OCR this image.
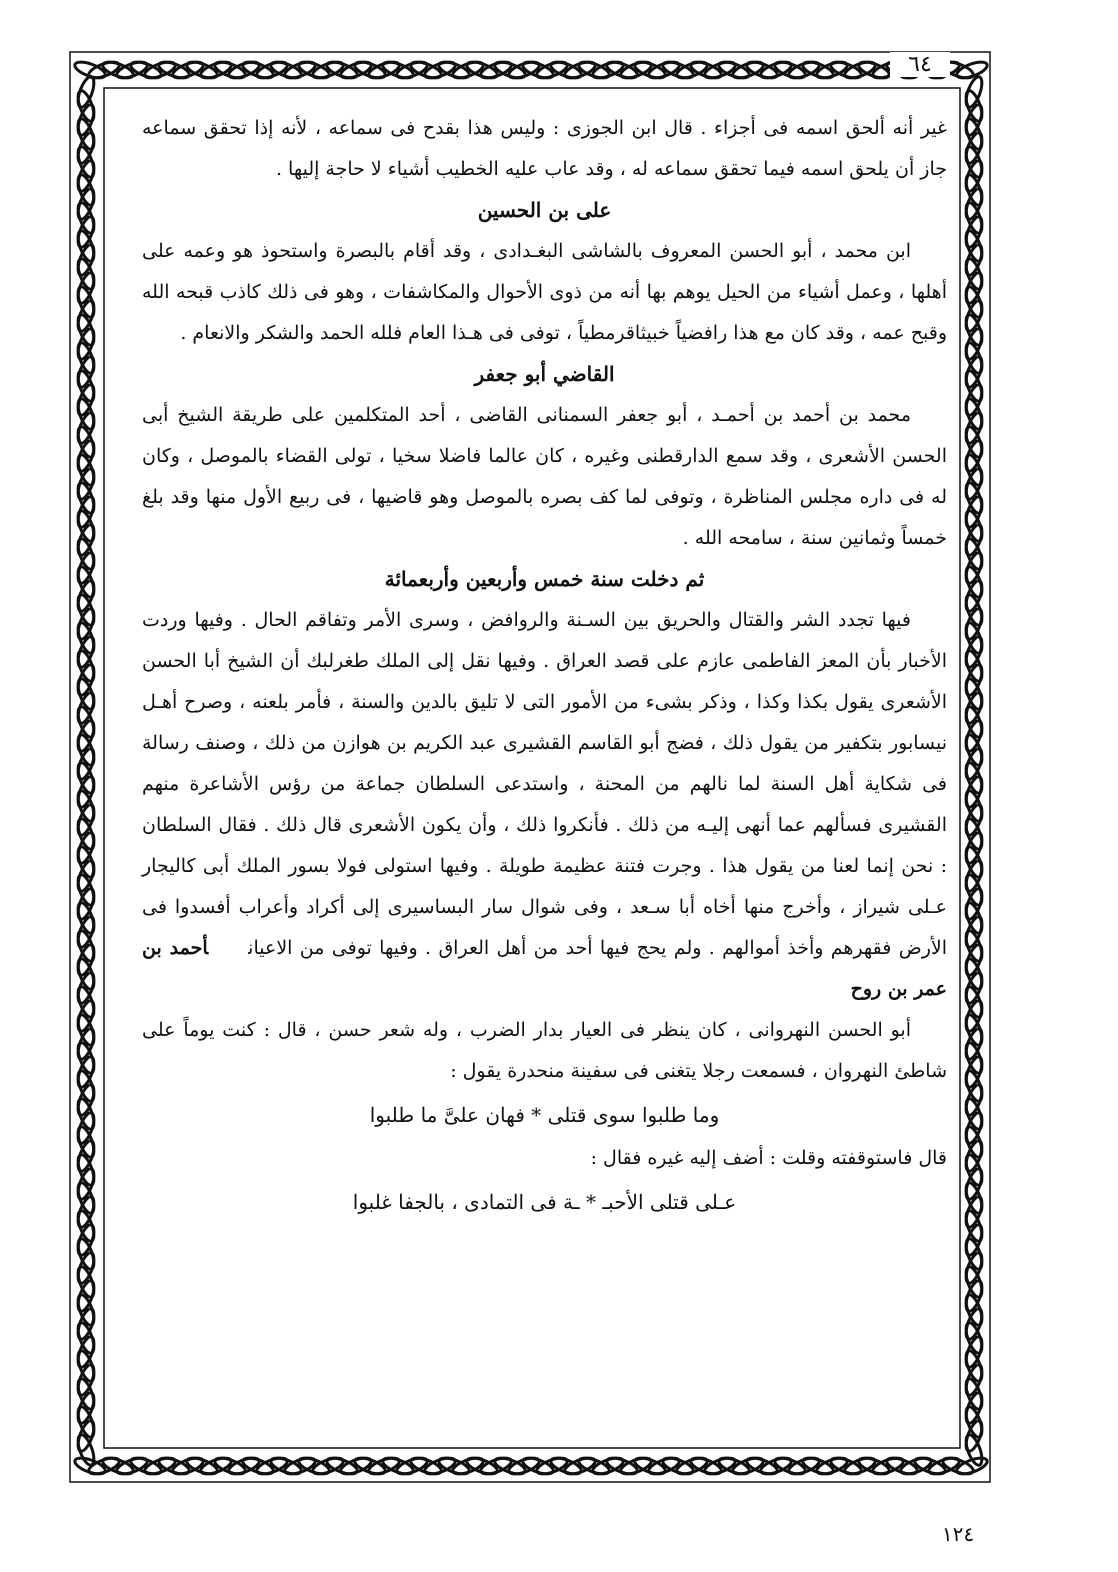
٦٤

غير أنه ألحق اسمه فى أجزاء . قال ابن الجوزى : وليس هذا بقدح فى سماعه ، لأنه إذا تحقق سماعه جاز أن يلحق اسمه فيما تحقق سماعه له ، وقد عاب عليه الخطيب أشياء لا حاجة إليها .

على بن الحسين

ابن محمد ، أبو الحسن المعروف بالشاشى البغـدادى ، وقد أقام بالبصرة واستحوذ هو وعمه على أهلها ، وعمل أشياء من الحيل يوهم بها أنه من ذوى الأحوال والمكاشفات ، وهو فى ذلك كاذب قبحه الله وقبح عمه ، وقد كان مع هذا رافضياً خبيثاقرمطياً ، توفى فى هـذا العام فلله الحمد والشكر والانعام .

القاضي أبو جعفر

محمد بن أحمد بن أحمـد ، أبو جعفر السمنانى القاضى ، أحد المتكلمين على طريقة الشيخ أبى الحسن الأشعرى ، وقد سمع الدارقطنى وغيره ، كان عالما فاضلا سخيا ، تولى القضاء بالموصل ، وكان له فى داره مجلس المناظرة ، وتوفى لما كف بصره بالموصل وهو قاضيها ، فى ربيع الأول منها وقد بلغ خمساً وثمانين سنة ، سامحه الله .

ثم دخلت سنة خمس وأربعين وأربعمائة

فيها تجدد الشر والقتال والحريق بين السـنة والروافض ، وسرى الأمر وتفاقم الحال . وفيها وردت الأخبار بأن المعز الفاطمى عازم على قصد العراق . وفيها نقل إلى الملك طغرلبك أن الشيخ أبا الحسن الأشعرى يقول بكذا وكذا ، وذكر بشىء من الأمور التى لا تليق بالدين والسنة ، فأمر بلعنه ، وصرح أهـل نيسابور بتكفير من يقول ذلك ، فضج أبو القاسم القشيرى عبد الكريم بن هوازن من ذلك ، وصنف رسالة فى شكاية أهل السنة لما نالهم من المحنة ، واستدعى السلطان جماعة من رؤس الأشاعرة منهم القشيرى فسألهم عما أنهى إليـه من ذلك . فأنكروا ذلك ، وأن يكون الأشعرى قال ذلك . فقال السلطان : نحن إنما لعنا من يقول هذا . وجرت فتنة عظيمة طويلة . وفيها استولى فولا بسور الملك أبى كاليجار عـلى شيراز ، وأخرج منها أخاه أبا سـعد ، وفى شوال سار البساسيرى إلى أكراد وأعراب أفسدوا فى الأرض فقهرهم وأخذ أموالهم . ولم يحج فيها أحد من أهل العراق . وفيها توفى من الاعيانأحمد بن عمر بن روح

أبو الحسن النهروانى ، كان ينظر فى العيار بدار الضرب ، وله شعر حسن ، قال : كنت يوماً على شاطئ النهروان ، فسمعت رجلا يتغنى فى سفينة منحدرة يقول :

وما طلبوا سوى قتلى * فهان علىَّ ما طلبوا

قال فاستوقفته وقلت : أضف إليه غيره فقال :

عـلى قتلى الأحبـ * ـة فى التمادى ، بالجفا غلبوا

١٢٤
